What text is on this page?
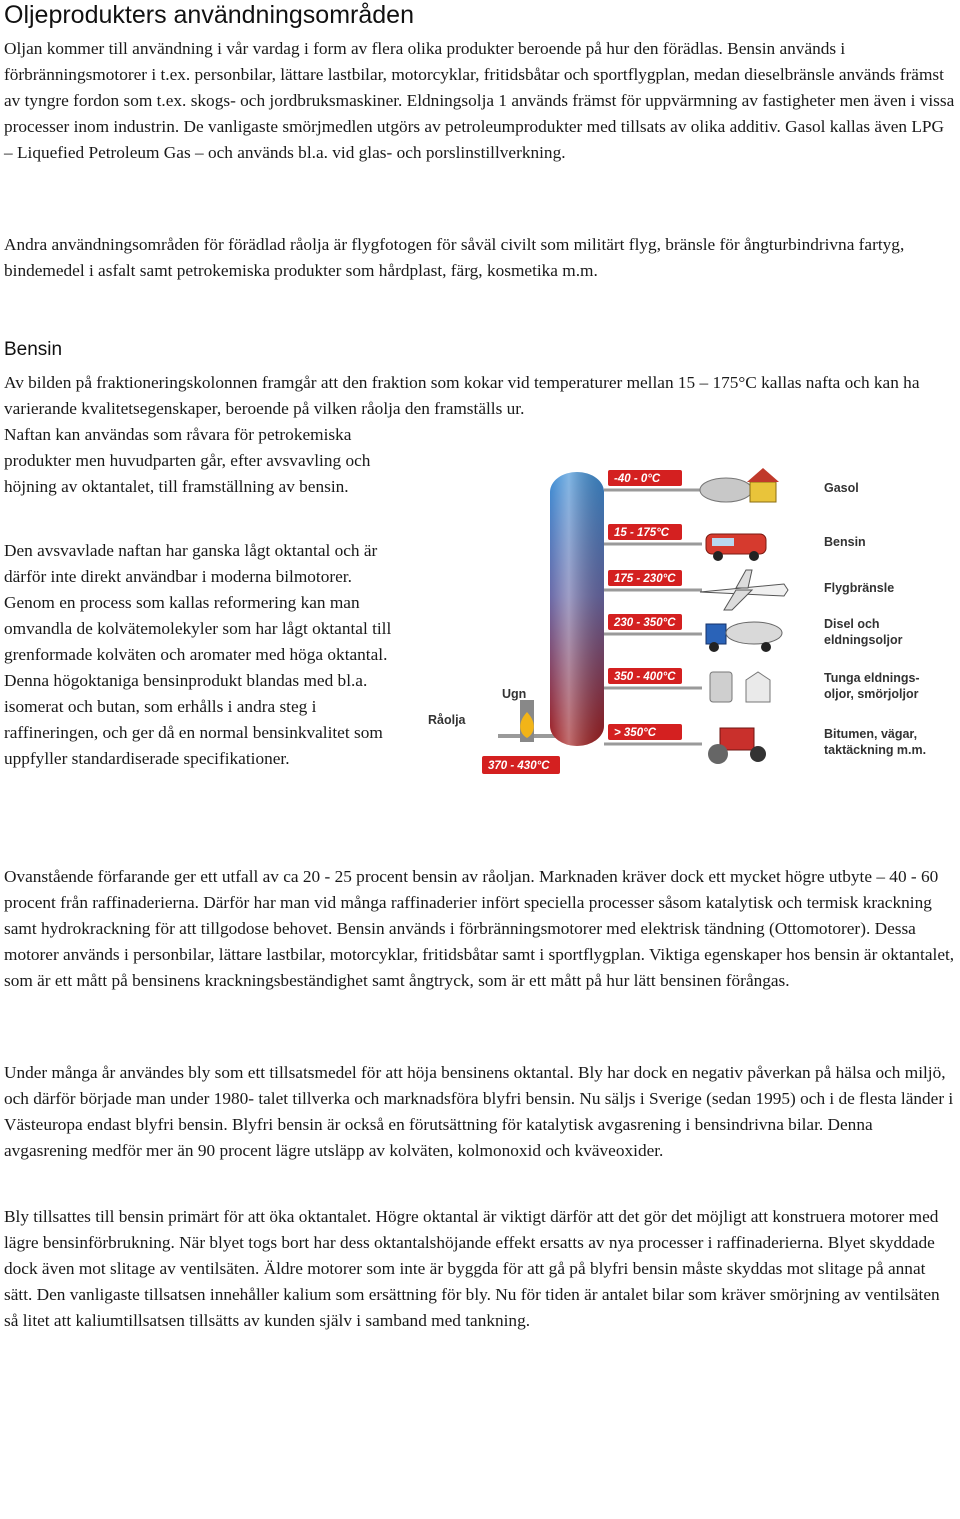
Oljeprodukters användningsområden

Oljan kommer till användning i vår vardag i form av flera olika produkter beroende på hur den förädlas. Bensin används i förbränningsmotorer i t.ex. personbilar, lättare lastbilar, motorcyklar, fritidsbåtar och sportflygplan, medan dieselbränsle används främst av tyngre fordon som t.ex. skogs- och jordbruksmaskiner. Eldningsolja 1 används främst för uppvärmning av fastigheter men även i vissa processer inom industrin. De vanligaste smörjmedlen utgörs av petroleumprodukter med tillsats av olika additiv. Gasol kallas även LPG – Liquefied Petroleum Gas – och används bl.a. vid glas- och porslinstillverkning.

Andra användningsområden för förädlad råolja är flygfotogen för såväl civilt som militärt flyg, bränsle för ångturbindrivna fartyg, bindemedel i asfalt samt petrokemiska produkter som hårdplast, färg, kosmetika m.m.

Bensin

Av bilden på fraktioneringskolonnen framgår att den fraktion som kokar vid temperaturer mellan 15 – 175°C kallas nafta och kan ha varierande kvalitetsegenskaper, beroende på vilken råolja den framställs ur.

Naftan kan användas som råvara för petrokemiska produkter men huvudparten går, efter avsvavling och höjning av oktantalet, till framställning av bensin.

Den avsvavlade naftan har ganska lågt oktantal och är därför inte direkt användbar i moderna bilmotorer. Genom en process som kallas reformering kan man omvandla de kolvätemolekyler som har lågt oktantal till grenformade kolväten och aromater med höga oktantal. Denna högoktaniga bensinprodukt blandas med bl.a. isomerat och butan, som erhålls i andra steg i raffineringen, och ger då en normal bensinkvalitet som uppfyller standardiserade specifikationer.

Ugn
Råolja
370 - 430°C
-40 - 0°C
Gasol
15 - 175°C
Bensin
175 - 230°C
Flygbränsle
230 - 350°C	Disel och eldningsoljor
350 - 400°C	Tunga eldnings-oljor, smörjoljor
> 350°C	Bitumen, vägar, taktäckning m.m.

Ovanstående förfarande ger ett utfall av ca 20 - 25 procent bensin av råoljan. Marknaden kräver dock ett mycket högre utbyte – 40 - 60 procent från raffinaderierna. Därför har man vid många raffinaderier infört speciella processer såsom katalytisk och termisk krackning samt hydrokrackning för att tillgodose behovet. Bensin används i förbränningsmotorer med elektrisk tändning (Ottomotorer). Dessa motorer används i personbilar, lättare lastbilar, motorcyklar, fritidsbåtar samt i sportflygplan. Viktiga egenskaper hos bensin är oktantalet, som är ett mått på bensinens krackningsbeständighet samt ångtryck, som är ett mått på hur lätt bensinen förångas.

Under många år användes bly som ett tillsatsmedel för att höja bensinens oktantal. Bly har dock en negativ påverkan på hälsa och miljö, och därför började man under 1980- talet tillverka och marknadsföra blyfri bensin. Nu säljs i Sverige (sedan 1995) och i de flesta länder i Västeuropa endast blyfri bensin. Blyfri bensin är också en förutsättning för katalytisk avgasrening i bensindrivna bilar. Denna avgasrening medför mer än 90 procent lägre utsläpp av kolväten, kolmonoxid och kväveoxider.

Bly tillsattes till bensin primärt för att öka oktantalet. Högre oktantal är viktigt därför att det gör det möjligt att konstruera motorer med lägre bensinförbrukning. När blyet togs bort har dess oktantalshöjande effekt ersatts av nya processer i raffinaderierna. Blyet skyddade dock även mot slitage av ventilsäten. Äldre motorer som inte är byggda för att gå på blyfri bensin måste skyddas mot slitage på annat sätt. Den vanligaste tillsatsen innehåller kalium som ersättning för bly. Nu för tiden är antalet bilar som kräver smörjning av ventilsäten så litet att kaliumtillsatsen tillsätts av kunden själv i samband med tankning.
